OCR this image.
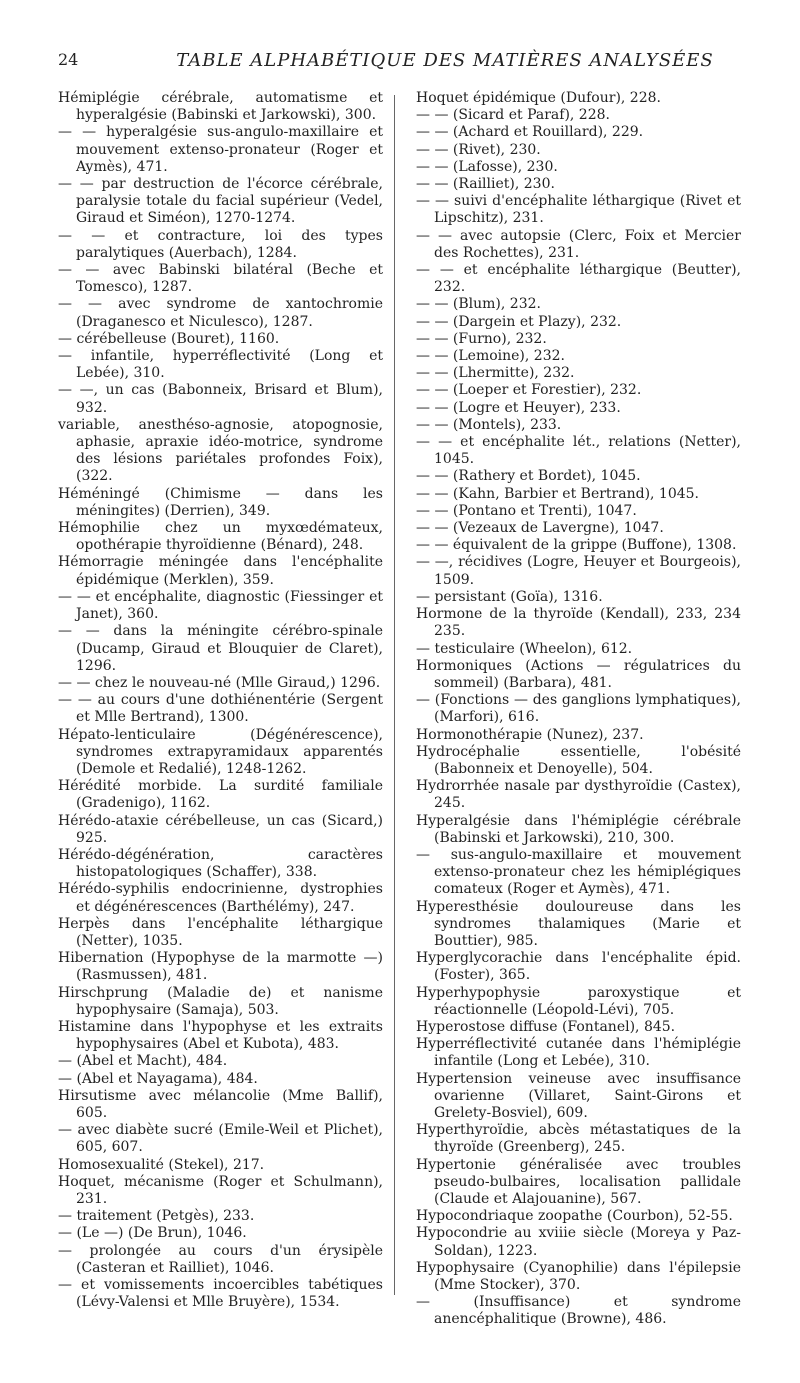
24	TABLE ALPHABÉTIQUE DES MATIÈRES ANALYSÉES

Hémiplégie cérébrale, automatisme et hyperalgésie (Babinski et Jarkowski), 300.

— — hyperalgésie sus-angulo-maxillaire et mouvement extenso-pronateur (Roger et Aymès), 471.

— — par destruction de l'écorce cérébrale, paralysie totale du facial supérieur (Vedel, Giraud et Siméon), 1270-1274.

— — et contracture, loi des types paralytiques (Auerbach), 1284.

— — avec Babinski bilatéral (Beche et Tomesco), 1287.

— — avec syndrome de xantochromie (Draganesco et Niculesco), 1287.

— cérébelleuse (Bouret), 1160.

— infantile, hyperréflectivité (Long et Lebée), 310.

— —, un cas (Babonneix, Brisard et Blum), 932.

variable, anesthéso-agnosie, atopognosie, aphasie, apraxie idéo-motrice, syndrome des lésions pariétales profondes Foix), (322.

Héméningé (Chimisme — dans les méningites) (Derrien), 349.

Hémophilie chez un myxœdémateux, opothérapie thyroïdienne (Bénard), 248.

Hémorragie méningée dans l'encéphalite épidémique (Merklen), 359.

— — et encéphalite, diagnostic (Fiessinger et Janet), 360.

— — dans la méningite cérébro-spinale (Ducamp, Giraud et Blouquier de Claret), 1296.

— — chez le nouveau-né (Mlle Giraud,) 1296.

— — au cours d'une dothiénentérie (Sergent et Mlle Bertrand), 1300.

Hépato-lenticulaire (Dégénérescence), syndromes extrapyramidaux apparentés (Demole et Redalié), 1248-1262.

Hérédité morbide. La surdité familiale (Gradenigo), 1162.

Hérédo-ataxie cérébelleuse, un cas (Sicard,) 925.

Hérédo-dégénération, caractères histopatologiques (Schaffer), 338.

Hérédo-syphilis endocrinienne, dystrophies et dégénérescences (Barthélémy), 247.

Herpès dans l'encéphalite léthargique (Netter), 1035.

Hibernation (Hypophyse de la marmotte —) (Rasmussen), 481.

Hirschprung (Maladie de) et nanisme hypophysaire (Samaja), 503.

Histamine dans l'hypophyse et les extraits hypophysaires (Abel et Kubota), 483.

— (Abel et Macht), 484.

— (Abel et Nayagama), 484.

Hirsutisme avec mélancolie (Mme Ballif), 605.

— avec diabète sucré (Emile-Weil et Plichet), 605, 607.

Homosexualité (Stekel), 217.

Hoquet, mécanisme (Roger et Schulmann), 231.

— traitement (Petgès), 233.

— (Le —) (De Brun), 1046.

— prolongée au cours d'un érysipèle (Casteran et Railliet), 1046.

— et vomissements incoercibles tabétiques (Lévy-Valensi et Mlle Bruyère), 1534.

Hoquet épidémique (Dufour), 228.

— — (Sicard et Paraf), 228.

— — (Achard et Rouillard), 229.

— — (Rivet), 230.

— — (Lafosse), 230.

— — (Railliet), 230.

— — suivi d'encéphalite léthargique (Rivet et Lipschitz), 231.

— — avec autopsie (Clerc, Foix et Mercier des Rochettes), 231.

— — et encéphalite léthargique (Beutter), 232.

— — (Blum), 232.

— — (Dargein et Plazy), 232.

— — (Furno), 232.

— — (Lemoine), 232.

— — (Lhermitte), 232.

— — (Loeper et Forestier), 232.

— — (Logre et Heuyer), 233.

— — (Montels), 233.

— — et encéphalite lét., relations (Netter), 1045.

— — (Rathery et Bordet), 1045.

— — (Kahn, Barbier et Bertrand), 1045.

— — (Pontano et Trenti), 1047.

— — (Vezeaux de Lavergne), 1047.

— — équivalent de la grippe (Buffone), 1308.

— —, récidives (Logre, Heuyer et Bourgeois), 1509.

— persistant (Goïa), 1316.

Hormone de la thyroïde (Kendall), 233, 234 235.

— testiculaire (Wheelon), 612.

Hormoniques (Actions — régulatrices du sommeil) (Barbara), 481.

— (Fonctions — des ganglions lymphatiques), (Marfori), 616.

Hormonothérapie (Nunez), 237.

Hydrocéphalie essentielle, l'obésité (Babonneix et Denoyelle), 504.

Hydrorrhée nasale par dysthyroïdie (Castex), 245.

Hyperalgésie dans l'hémiplégie cérébrale (Babinski et Jarkowski), 210, 300.

— sus-angulo-maxillaire et mouvement extenso-pronateur chez les hémiplégiques comateux (Roger et Aymès), 471.

Hyperesthésie douloureuse dans les syndromes thalamiques (Marie et Bouttier), 985.

Hyperglycorachie dans l'encéphalite épid. (Foster), 365.

Hyperhypophysie paroxystique et réactionnelle (Léopold-Lévi), 705.

Hyperostose diffuse (Fontanel), 845.

Hyperréflectivité cutanée dans l'hémiplégie infantile (Long et Lebée), 310.

Hypertension veineuse avec insuffisance ovarienne (Villaret, Saint-Girons et Grelety-Bosviel), 609.

Hyperthyroïdie, abcès métastatiques de la thyroïde (Greenberg), 245.

Hypertonie généralisée avec troubles pseudo-bulbaires, localisation pallidale (Claude et Alajouanine), 567.

Hypocondriaque zoopathe (Courbon), 52-55.

Hypocondrie au xviiie siècle (Moreya y Paz-Soldan), 1223.

Hypophysaire (Cyanophilie) dans l'épilepsie (Mme Stocker), 370.

— (Insuffisance) et syndrome anencéphalitique (Browne), 486.
